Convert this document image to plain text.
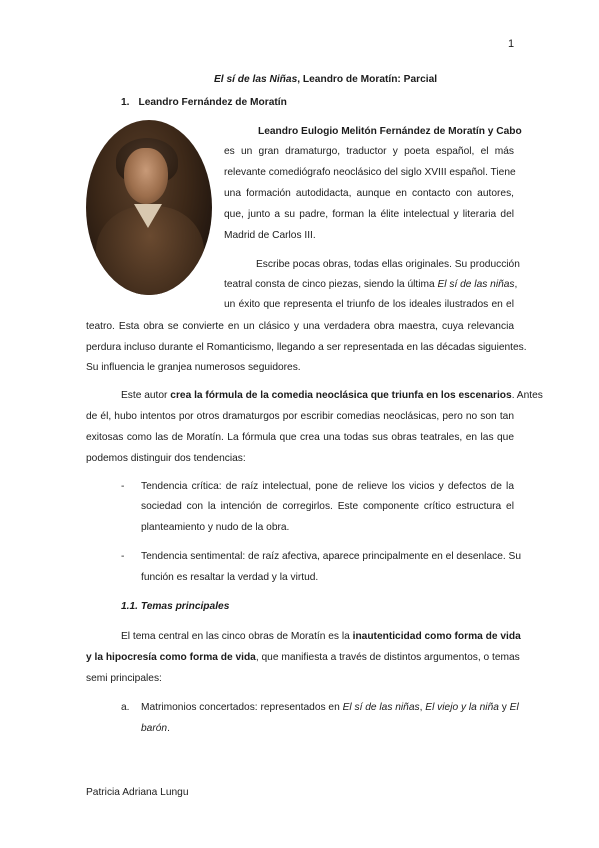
1
El sí de las Niñas, Leandro de Moratín: Parcial
1. Leandro Fernández de Moratín
Leandro Eulogio Melitón Fernández de Moratín y Cabo
es un gran dramaturgo, traductor y poeta español, el más
relevante comediógrafo neoclásico del siglo XVIII español. Tiene
una formación autodidacta, aunque en contacto con autores,
que, junto a su padre, forman la élite intelectual y literaria del
Madrid de Carlos III.
Escribe pocas obras, todas ellas originales. Su producción
teatral consta de cinco piezas, siendo la última El sí de las niñas,
un éxito que representa el triunfo de los ideales ilustrados en el
teatro. Esta obra se convierte en un clásico y una verdadera obra maestra, cuya relevancia
perdura incluso durante el Romanticismo, llegando a ser representada en las décadas siguientes.
Su influencia le granjea numerosos seguidores.
Este autor crea la fórmula de la comedia neoclásica que triunfa en los escenarios. Antes
de él, hubo intentos por otros dramaturgos por escribir comedias neoclásicas, pero no son tan
exitosas como las de Moratín. La fórmula que crea una todas sus obras teatrales, en las que
podemos distinguir dos tendencias:
- Tendencia crítica: de raíz intelectual, pone de relieve los vicios y defectos de la
sociedad con la intención de corregirlos. Este componente crítico estructura el
planteamiento y nudo de la obra.
- Tendencia sentimental: de raíz afectiva, aparece principalmente en el desenlace. Su
función es resaltar la verdad y la virtud.
1.1. Temas principales
El tema central en las cinco obras de Moratín es la inautenticidad como forma de vida
y la hipocresía como forma de vida, que manifiesta a través de distintos argumentos, o temas
semi principales:
a. Matrimonios concertados: representados en El sí de las niñas, El viejo y la niña y El
barón.
Patricia Adriana Lungu
